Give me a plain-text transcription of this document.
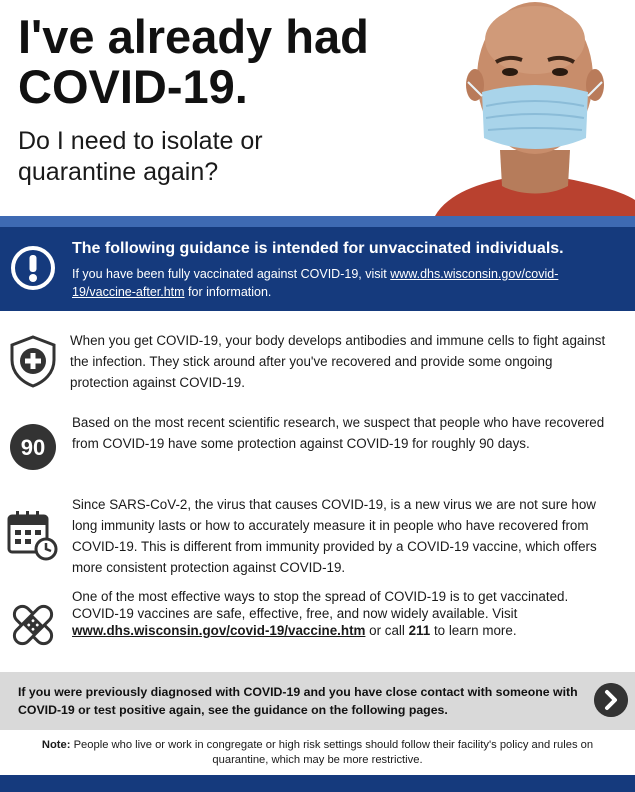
I've already had COVID-19.
Do I need to isolate or quarantine again?
The following guidance is intended for unvaccinated individuals.
If you have been fully vaccinated against COVID-19, visit www.dhs.wisconsin.gov/covid-19/vaccine-after.htm for information.
When you get COVID-19, your body develops antibodies and immune cells to fight against the infection. They stick around after you've recovered and provide some ongoing protection against COVID-19.
90
Based on the most recent scientific research, we suspect that people who have recovered from COVID-19 have some protection against COVID-19 for roughly 90 days.
Since SARS-CoV-2, the virus that causes COVID-19, is a new virus we are not sure how long immunity lasts or how to accurately measure it in people who have recovered from COVID-19. This is different from immunity provided by a COVID-19 vaccine, which offers more consistent protection against COVID-19.
One of the most effective ways to stop the spread of COVID-19 is to get vaccinated. COVID-19 vaccines are safe, effective, free, and now widely available. Visit www.dhs.wisconsin.gov/covid-19/vaccine.htm or call 211 to learn more.
If you were previously diagnosed with COVID-19 and you have close contact with someone with COVID-19 or test positive again, see the guidance on the following pages.
Note: People who live or work in congregate or high risk settings should follow their facility's policy and rules on quarantine, which may be more restrictive.
